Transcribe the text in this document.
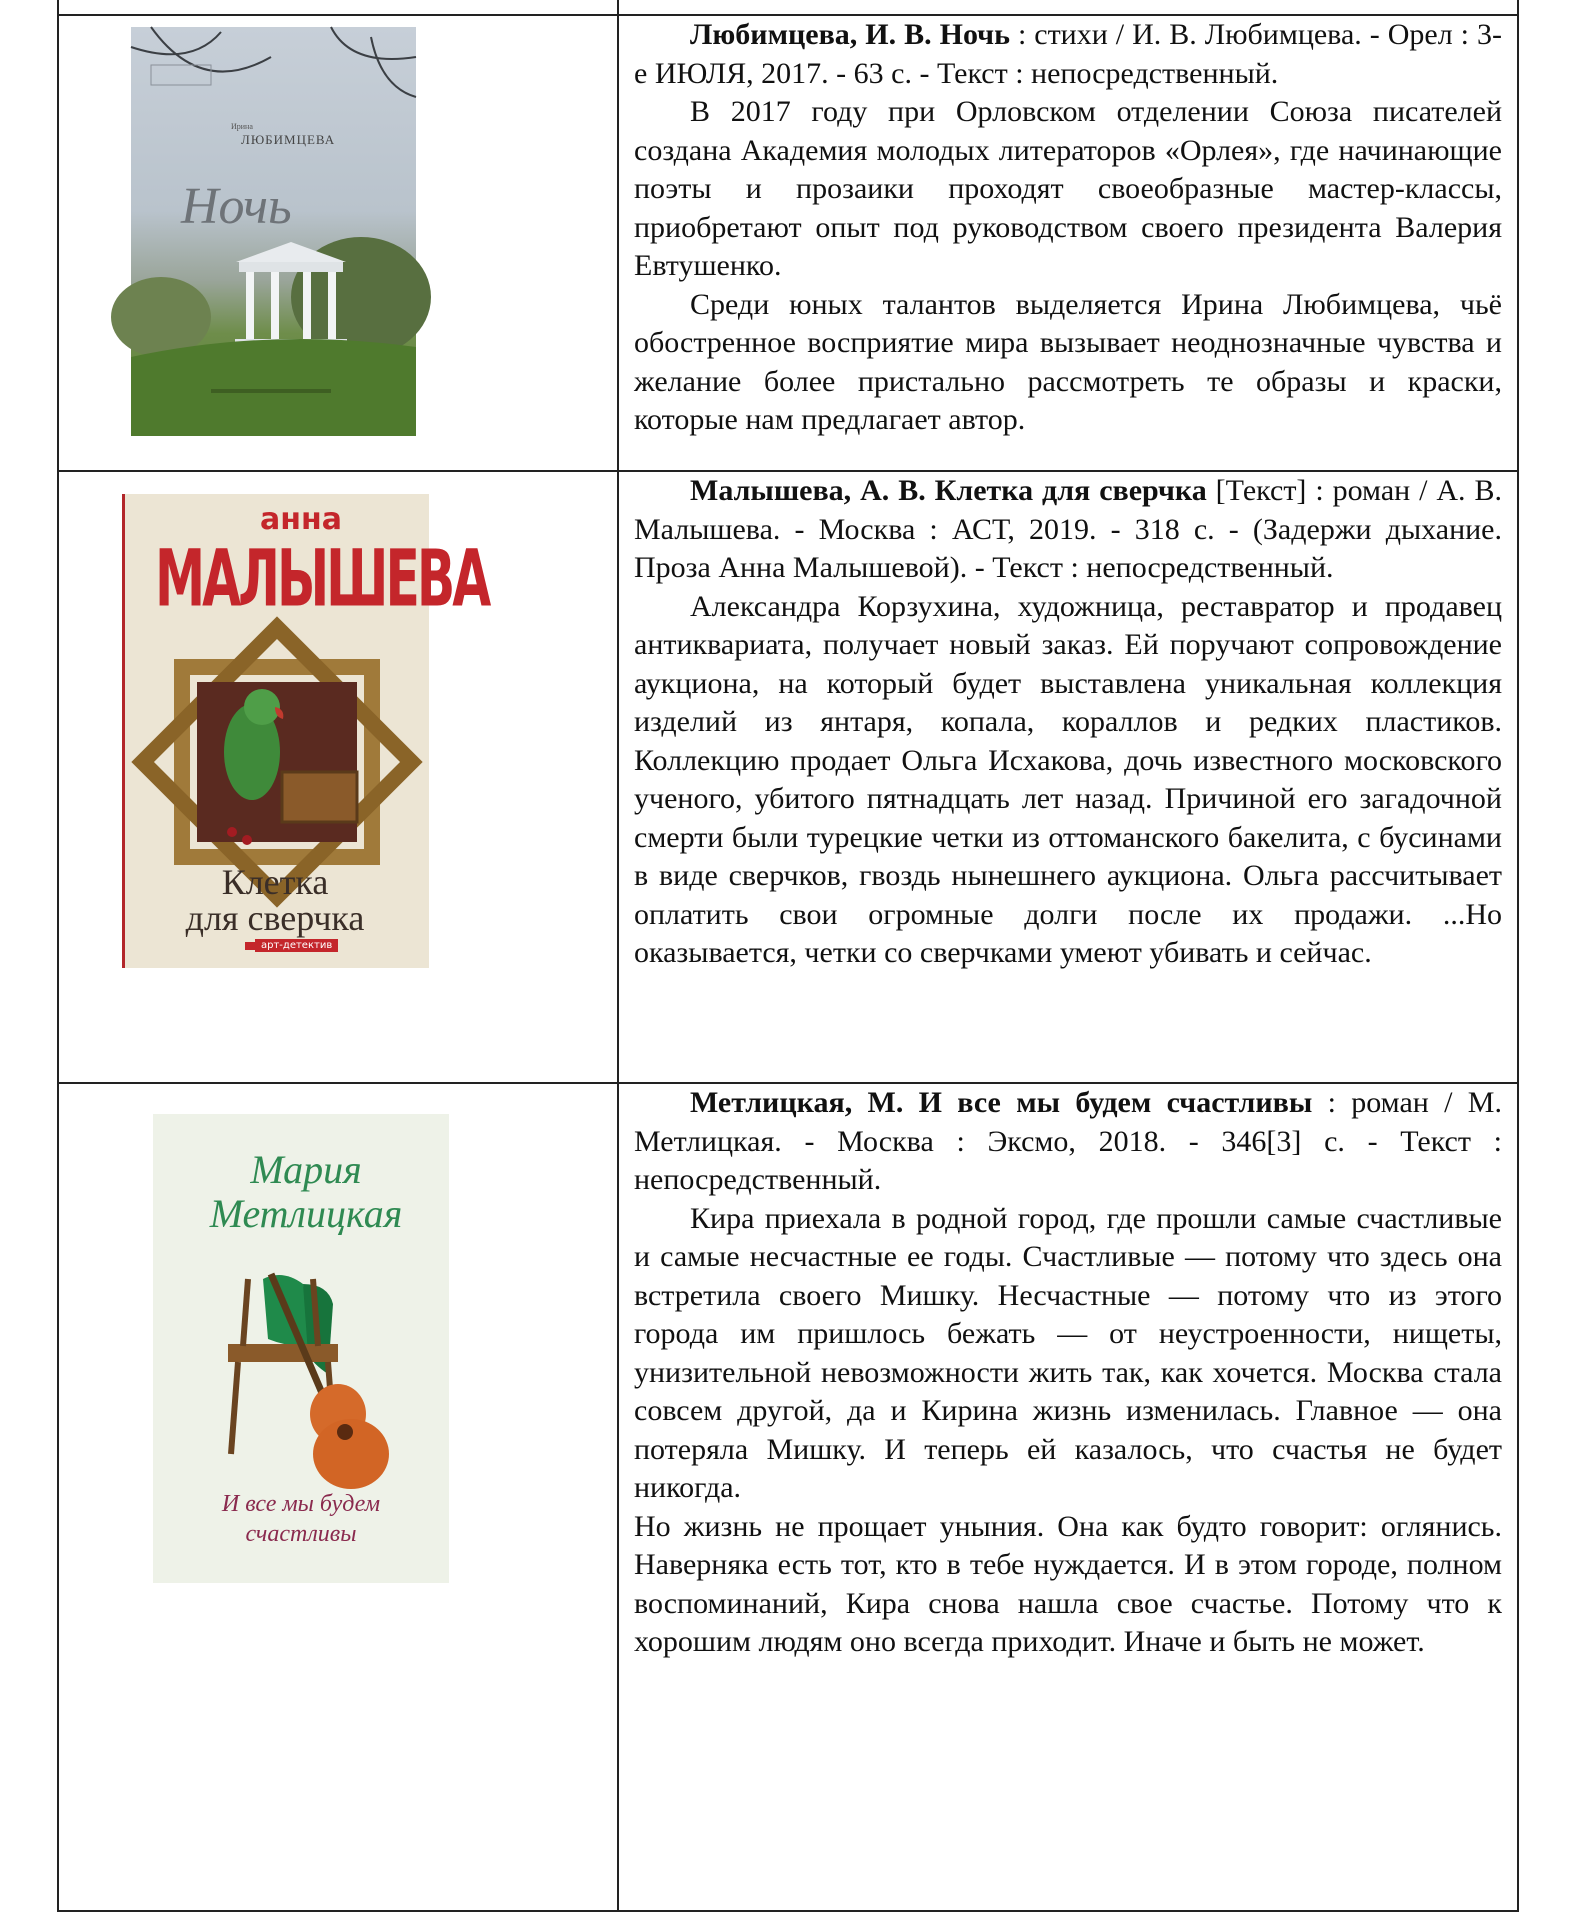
Ирина
ЛЮБИМЦЕВА
Ночь

Любимцева, И. В. Ночь : стихи / И. В. Любимцева. - Орел : 3-е ИЮЛЯ, 2017. - 63 с. - Текст : непосредственный.

В 2017 году при Орловском отделении Союза писателей создана Академия молодых литераторов «Орлея», где начинающие поэты и прозаики проходят своеобразные мастер-классы, приобретают опыт под руководством своего президента Валерия Евтушенко.

Среди юных талантов выделяется Ирина Любимцева, чьё обостренное восприятие мира вызывает неоднозначные чувства и желание более пристально рассмотреть те образы и краски, которые нам предлагает автор.

анна
МАЛЫШЕВА
Клетка
для сверчка
арт-детектив

Малышева, А. В. Клетка для сверчка [Текст] : роман / А. В. Малышева. - Москва : АСТ, 2019. - 318 с. - (Задержи дыхание. Проза Анна Малышевой). - Текст : непосредственный.

Александра Корзухина, художница, реставратор и продавец антиквариата, получает новый заказ. Ей поручают сопровождение аукциона, на который будет выставлена уникальная коллекция изделий из янтаря, копала, кораллов и редких пластиков. Коллекцию продает Ольга Исхакова, дочь известного московского ученого, убитого пятнадцать лет назад. Причиной его загадочной смерти были турецкие четки из оттоманского бакелита, с бусинами в виде сверчков, гвоздь нынешнего аукциона. Ольга рассчитывает оплатить свои огромные долги после их продажи. ...Но оказывается, четки со сверчками умеют убивать и сейчас.

Мария
Метлицкая
И все мы будем
счастливы

Метлицкая, М. И все мы будем счастливы : роман / М. Метлицкая. - Москва : Эксмо, 2018. - 346[3] с. - Текст : непосредственный.

Кира приехала в родной город, где прошли самые счастливые и самые несчастные ее годы. Счастливые — потому что здесь она встретила своего Мишку. Несчастные — потому что из этого города им пришлось бежать — от неустроенности, нищеты, унизительной невозможности жить так, как хочется. Москва стала совсем другой, да и Кирина жизнь изменилась. Главное — она потеряла Мишку. И теперь ей казалось, что счастья не будет никогда.

Но жизнь не прощает уныния. Она как будто говорит: оглянись. Наверняка есть тот, кто в тебе нуждается. И в этом городе, полном воспоминаний, Кира снова нашла свое счастье. Потому что к хорошим людям оно всегда приходит. Иначе и быть не может.
